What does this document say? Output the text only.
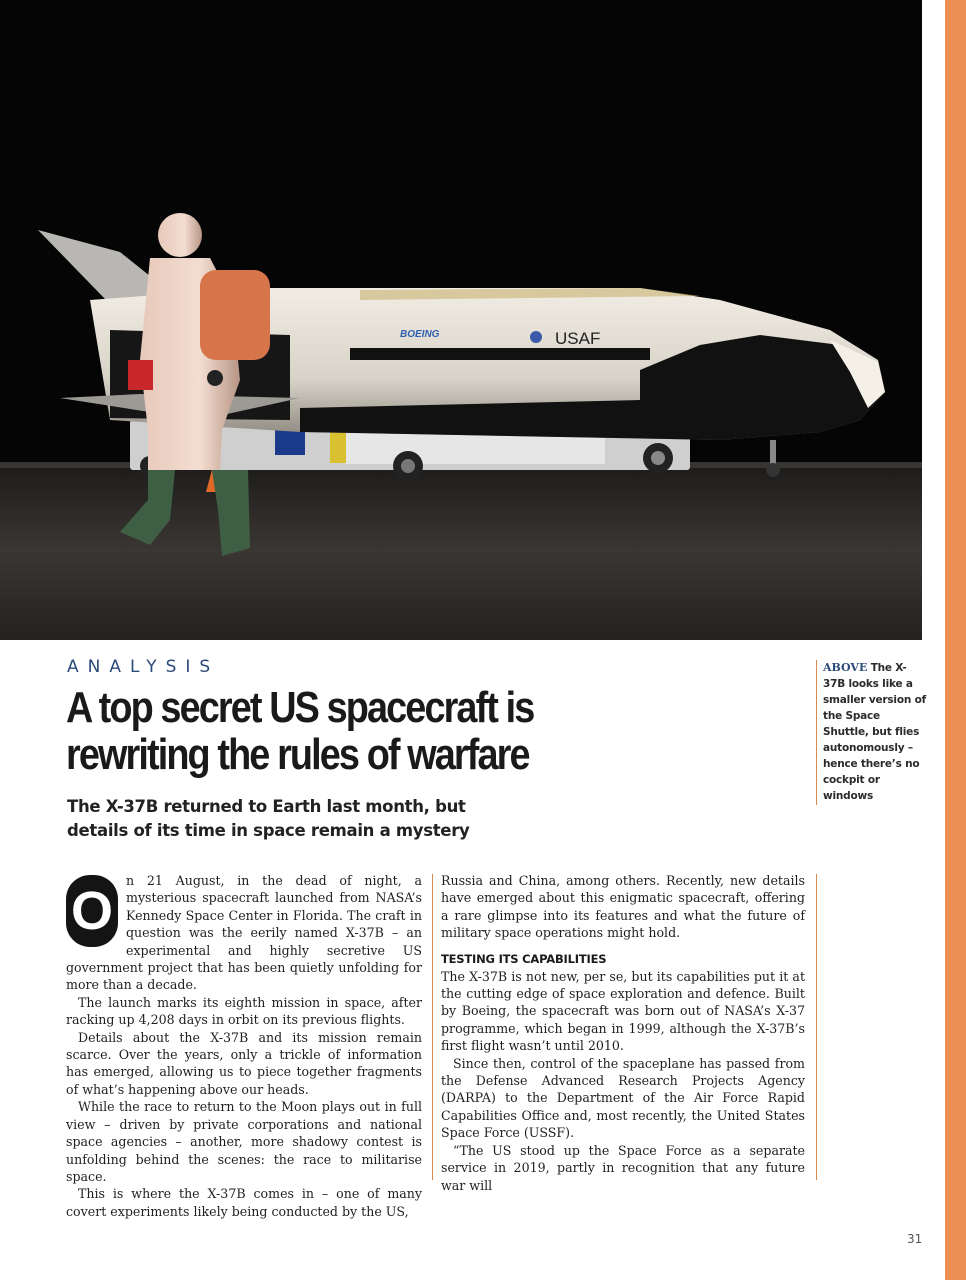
BOEING	USAF
ANALYSIS
A top secret US spacecraft is
rewriting the rules of warfare
The X-37B returned to Earth last month, but details of its time in space remain a mystery
ABOVE The X-37B looks like a smaller version of the Space Shuttle, but flies autonomously – hence there’s no cockpit or windows
O

n 21 August, in the dead of night, a mysterious spacecraft launched from NASA’s Kennedy Space Center in Florida. The craft in question was the eerily named X-37B – an experimental and highly secretive US government project that has been quietly unfolding for more than a decade.

The launch marks its eighth mission in space, after racking up 4,208 days in orbit on its previous flights.

Details about the X-37B and its mission remain scarce. Over the years, only a trickle of information has emerged, allowing us to piece together fragments of what’s happening above our heads.

While the race to return to the Moon plays out in full view – driven by private corporations and national space agencies – another, more shadowy contest is unfolding behind the scenes: the race to militarise space.

This is where the X-37B comes in – one of many covert experiments likely being conducted by the US,

Russia and China, among others. Recently, new details have emerged about this enigmatic spacecraft, offering a rare glimpse into its features and what the future of military space operations might hold.

TESTING ITS CAPABILITIES

The X-37B is not new, per se, but its capabilities put it at the cutting edge of space exploration and defence. Built by Boeing, the spacecraft was born out of NASA’s X-37 programme, which began in 1999, although the X-37B’s first flight wasn’t until 2010.

Since then, control of the spaceplane has passed from the Defense Advanced Research Projects Agency (DARPA) to the Department of the Air Force Rapid Capabilities Office and, most recently, the United States Space Force (USSF).

“The US stood up the Space Force as a separate service in 2019, partly in recognition that any future war will

31
